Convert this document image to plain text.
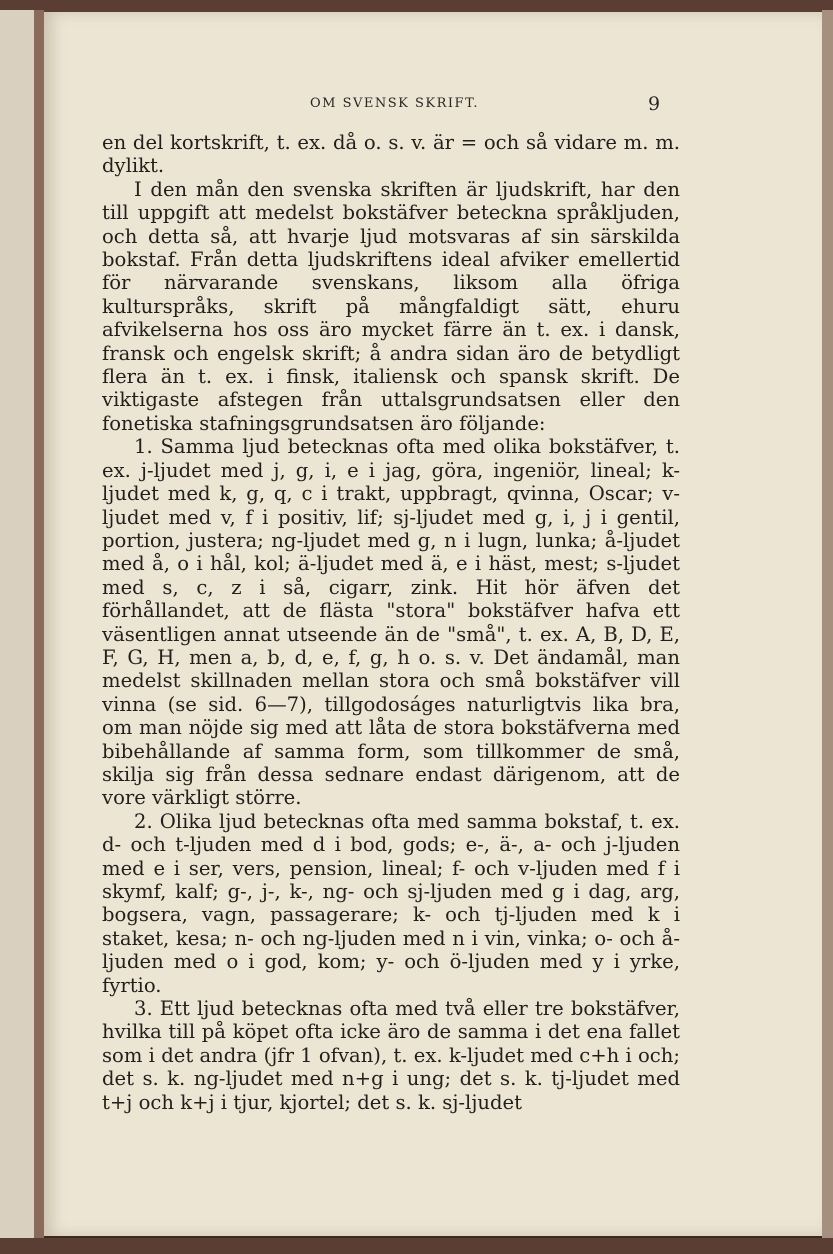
OM SVENSK SKRIFT.	9

en del kortskrift, t. ex. då o. s. v. är = och så vidare m. m. dylikt.

I den mån den svenska skriften är ljudskrift, har den till uppgift att medelst bokstäfver beteckna språkljuden, och detta så, att hvarje ljud motsvaras af sin särskilda bokstaf. Från detta ljudskriftens ideal afviker emellertid för närvarande svenskans, liksom alla öfriga kulturspråks, skrift på mångfaldigt sätt, ehuru afvikelserna hos oss äro mycket färre än t. ex. i dansk, fransk och engelsk skrift; å andra sidan äro de betydligt flera än t. ex. i finsk, italiensk och spansk skrift. De viktigaste afstegen från uttalsgrundsatsen eller den fonetiska stafningsgrundsatsen äro följande:

1. Samma ljud betecknas ofta med olika bokstäfver, t. ex. j-ljudet med j, g, i, e i jag, göra, ingeniör, lineal; k-ljudet med k, g, q, c i trakt, uppbragt, qvinna, Oscar; v-ljudet med v, f i positiv, lif; sj-ljudet med g, i, j i gentil, portion, justera; ng-ljudet med g, n i lugn, lunka; å-ljudet med å, o i hål, kol; ä-ljudet med ä, e i häst, mest; s-ljudet med s, c, z i så, cigarr, zink. Hit hör äfven det förhållandet, att de flästa "stora" bokstäfver hafva ett väsentligen annat utseende än de "små", t. ex. A, B, D, E, F, G, H, men a, b, d, e, f, g, h o. s. v. Det ändamål, man medelst skillnaden mellan stora och små bokstäfver vill vinna (se sid. 6—7), tillgodoságes naturligtvis lika bra, om man nöjde sig med att låta de stora bokstäfverna med bibehållande af samma form, som tillkommer de små, skilja sig från dessa sednare endast därigenom, att de vore värkligt större.

2. Olika ljud betecknas ofta med samma bokstaf, t. ex. d- och t-ljuden med d i bod, gods; e-, ä-, a- och j-ljuden med e i ser, vers, pension, lineal; f- och v-ljuden med f i skymf, kalf; g-, j-, k-, ng- och sj-ljuden med g i dag, arg, bogsera, vagn, passagerare; k- och tj-ljuden med k i staket, kesa; n- och ng-ljuden med n i vin, vinka; o- och å-ljuden med o i god, kom; y- och ö-ljuden med y i yrke, fyrtio.

3. Ett ljud betecknas ofta med två eller tre bokstäfver, hvilka till på köpet ofta icke äro de samma i det ena fallet som i det andra (jfr 1 ofvan), t. ex. k-ljudet med c+h i och; det s. k. ng-ljudet med n+g i ung; det s. k. tj-ljudet med t+j och k+j i tjur, kjortel; det s. k. sj-ljudet
